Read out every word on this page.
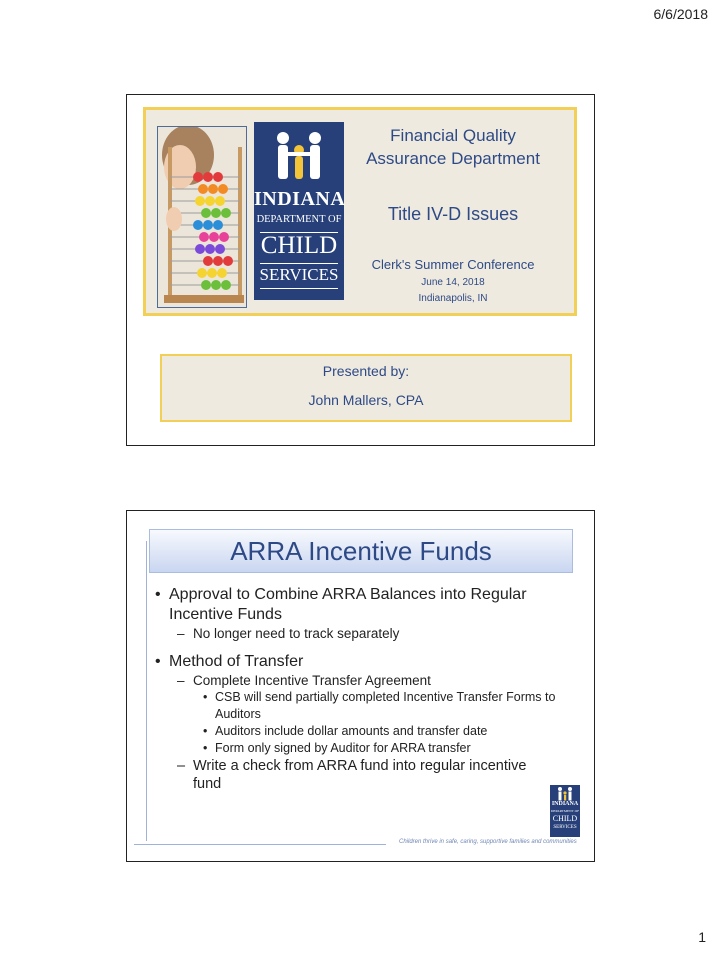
6/6/2018
INDIANA
DEPARTMENT OF
CHILD
SERVICES
Financial Quality
Assurance Department
Title IV-D Issues
Clerk's Summer Conference
June 14, 2018
Indianapolis, IN
Presented by:
John Mallers, CPA
ARRA Incentive Funds
• Approval to Combine ARRA Balances into Regular Incentive Funds
– No longer need to track separately
• Method of Transfer
– Complete Incentive Transfer Agreement
• CSB will send partially completed Incentive Transfer Forms to Auditors
• Auditors include dollar amounts and transfer date
• Form only signed by Auditor for ARRA transfer
– Write a check from ARRA fund into regular incentive fund
INDIANA
DEPARTMENT OF
CHILD
SERVICES
Children thrive in safe, caring, supportive families and communities
1
